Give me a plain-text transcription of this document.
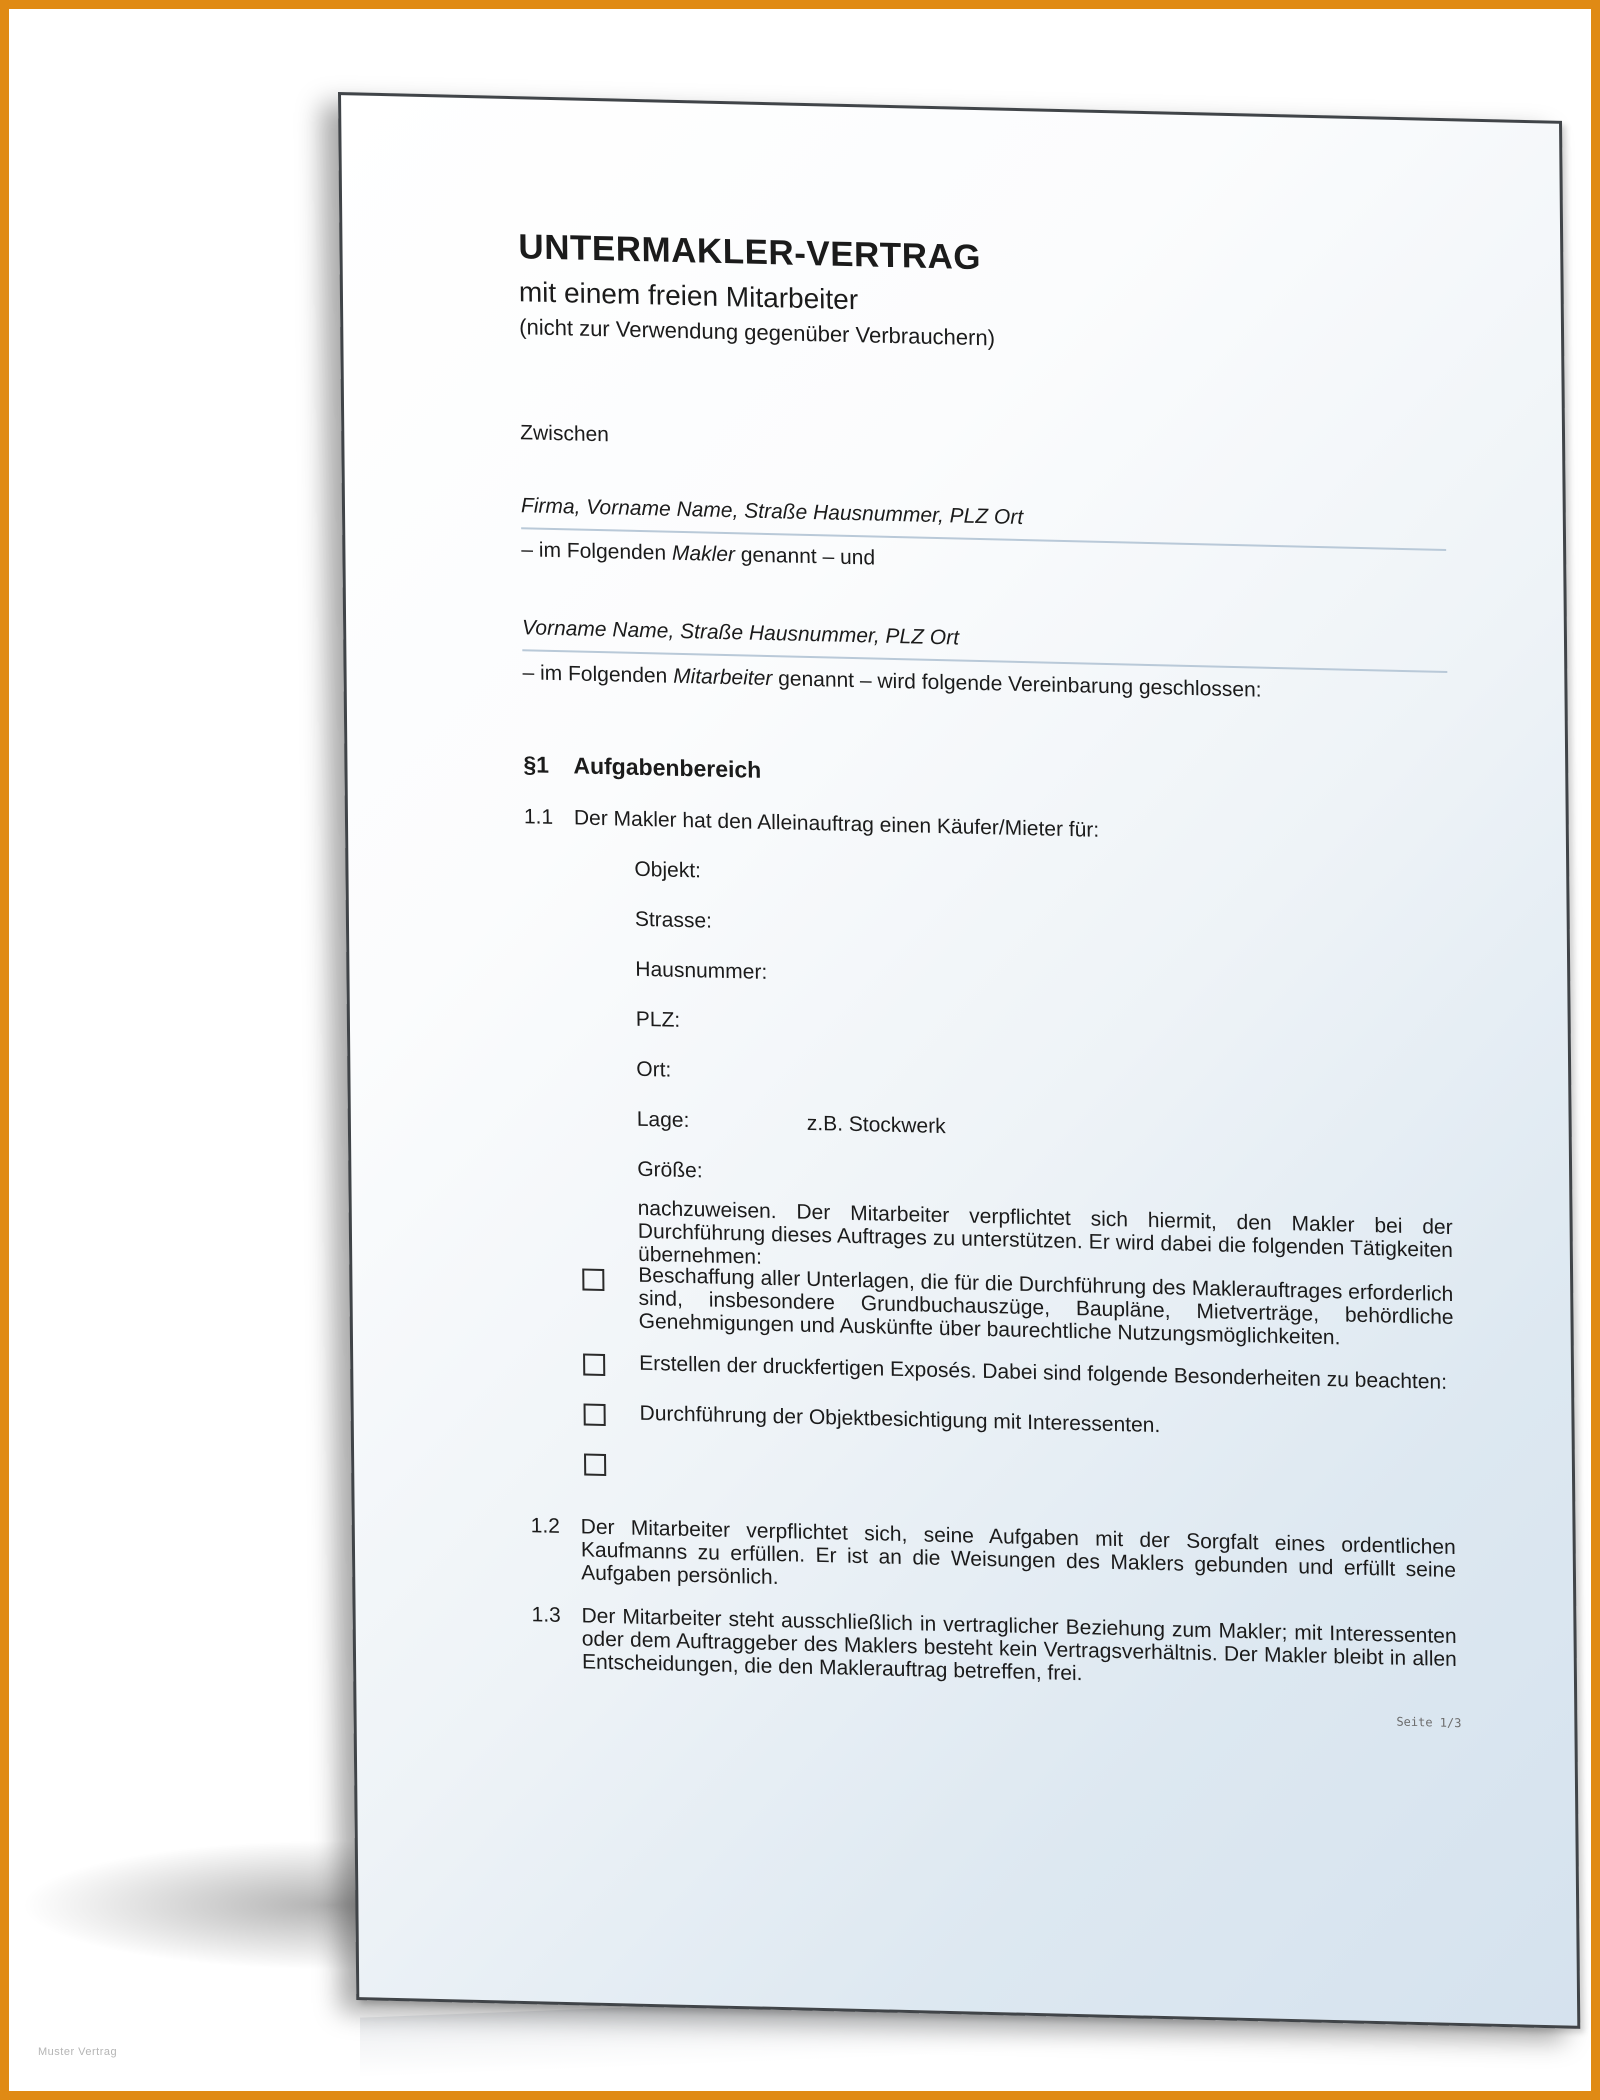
UNTERMAKLER-VERTRAG
mit einem freien Mitarbeiter
(nicht zur Verwendung gegenüber Verbrauchern)
Zwischen
Firma, Vorname Name, Straße Hausnummer, PLZ Ort
– im Folgenden Makler genannt – und
Vorname Name, Straße Hausnummer, PLZ Ort
– im Folgenden Mitarbeiter genannt – wird folgende Vereinbarung geschlossen:
§1 Aufgabenbereich
1.1 Der Makler hat den Alleinauftrag einen Käufer/Mieter für:
Objekt:
Strasse:
Hausnummer:
PLZ:
Ort:
Lage:	z.B. Stockwerk
Größe:
nachzuweisen. Der Mitarbeiter verpflichtet sich hiermit, den Makler bei der Durchführung dieses Auftrages zu unterstützen. Er wird dabei die folgenden Tätigkeiten übernehmen:
Beschaffung aller Unterlagen, die für die Durchführung des Maklerauftrages erforderlich sind, insbesondere Grundbuchauszüge, Baupläne, Mietverträge, behördliche Genehmigungen und Auskünfte über baurechtliche Nutzungsmöglichkeiten.
Erstellen der druckfertigen Exposés. Dabei sind folgende Besonderheiten zu beachten:
Durchführung der Objektbesichtigung mit Interessenten.
1.2 Der Mitarbeiter verpflichtet sich, seine Aufgaben mit der Sorgfalt eines ordentlichen Kaufmanns zu erfüllen. Er ist an die Weisungen des Maklers gebunden und erfüllt seine Aufgaben persönlich.
1.3 Der Mitarbeiter steht ausschließlich in vertraglicher Beziehung zum Makler; mit Interessenten oder dem Auftraggeber des Maklers besteht kein Vertragsverhältnis. Der Makler bleibt in allen Entscheidungen, die den Maklerauftrag betreffen, frei.
Seite 1/3
Muster Vertrag
